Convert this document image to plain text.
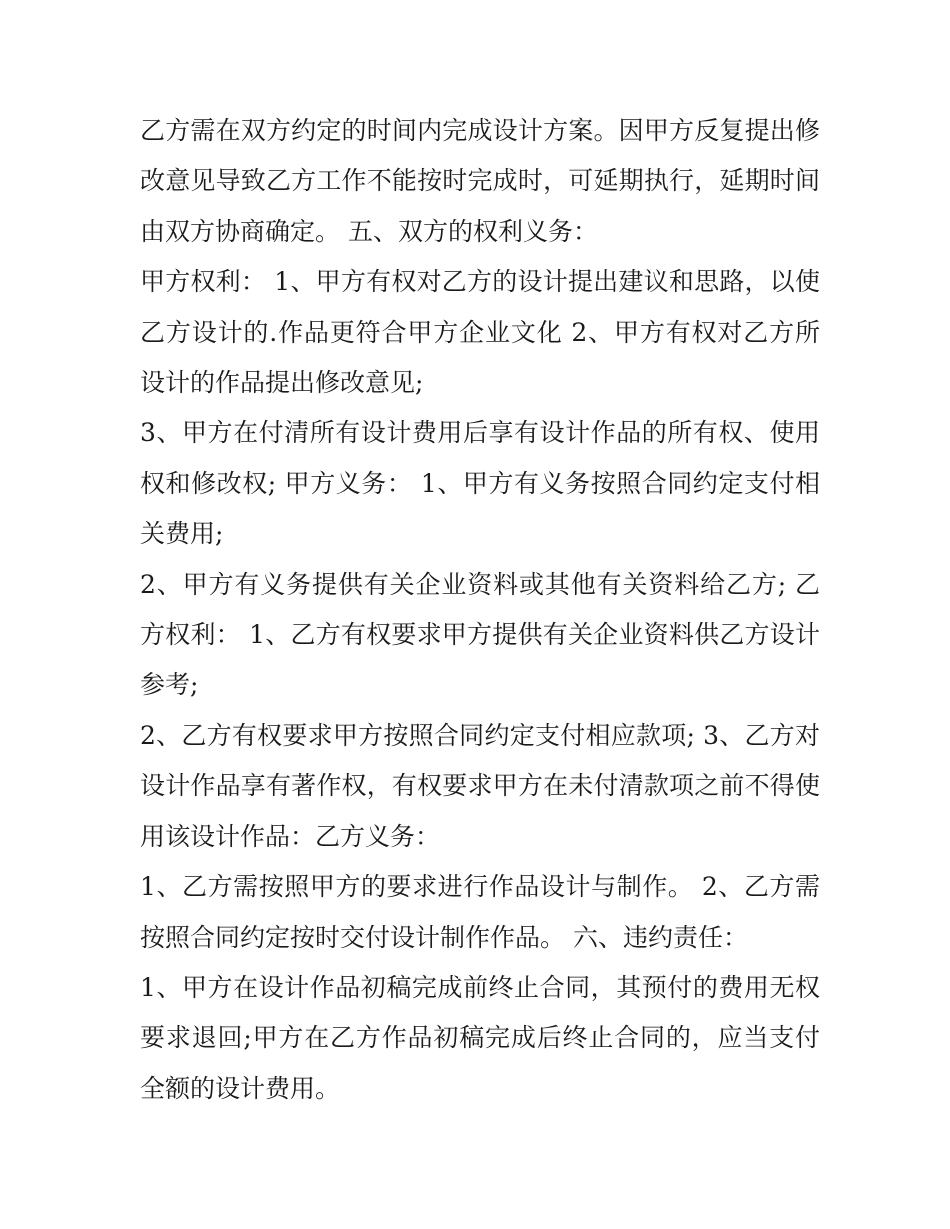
乙方需在双方约定的时间内完成设计方案。因甲方反复提出修改意见导致乙方工作不能按时完成时，可延期执行，延期时间由双方协商确定。 五、双方的权利义务：

甲方权利： 1、甲方有权对乙方的设计提出建议和思路，以使乙方设计的.作品更符合甲方企业文化 2、甲方有权对乙方所设计的作品提出修改意见;

3、甲方在付清所有设计费用后享有设计作品的所有权、使用权和修改权; 甲方义务： 1、甲方有义务按照合同约定支付相关费用;

2、甲方有义务提供有关企业资料或其他有关资料给乙方; 乙方权利： 1、乙方有权要求甲方提供有关企业资料供乙方设计参考;

2、乙方有权要求甲方按照合同约定支付相应款项; 3、乙方对设计作品享有著作权，有权要求甲方在未付清款项之前不得使用该设计作品：乙方义务：

1、乙方需按照甲方的要求进行作品设计与制作。 2、乙方需按照合同约定按时交付设计制作作品。 六、违约责任：

1、甲方在设计作品初稿完成前终止合同，其预付的费用无权要求退回;甲方在乙方作品初稿完成后终止合同的，应当支付全额的设计费用。
